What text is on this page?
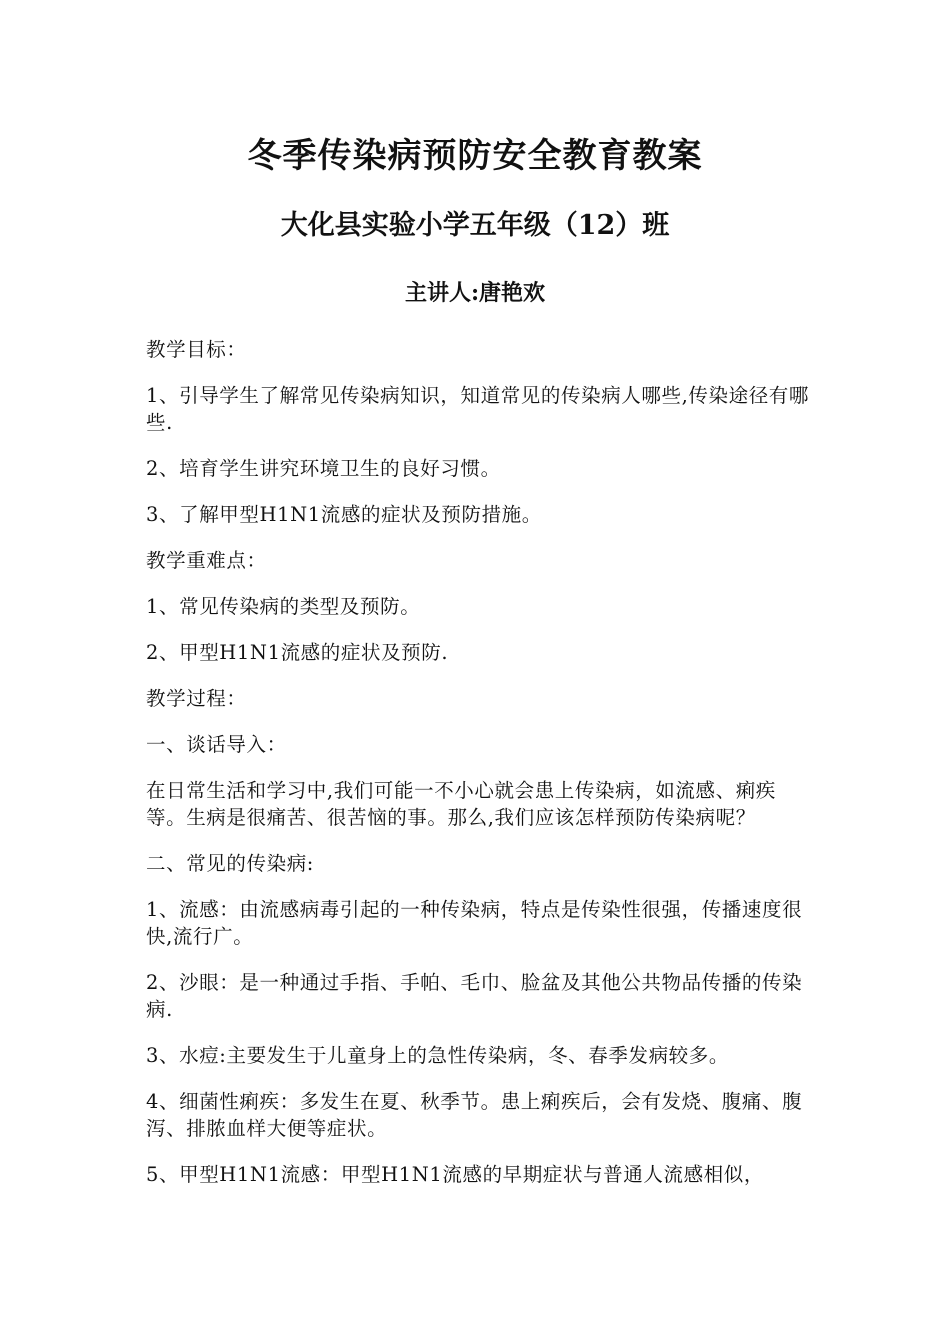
冬季传染病预防安全教育教案
大化县实验小学五年级（12）班
主讲人:唐艳欢

教学目标：

1、引导学生了解常见传染病知识，知道常见的传染病人哪些,传染途径有哪些.

2、培育学生讲究环境卫生的良好习惯。

3、了解甲型H1N1流感的症状及预防措施。

教学重难点：

1、常见传染病的类型及预防。

2、甲型H1N1流感的症状及预防.

教学过程：

一、谈话导入：

在日常生活和学习中,我们可能一不小心就会患上传染病，如流感、痢疾等。生病是很痛苦、很苦恼的事。那么,我们应该怎样预防传染病呢？

二、常见的传染病:

1、流感：由流感病毒引起的一种传染病，特点是传染性很强，传播速度很快,流行广。

2、沙眼：是一种通过手指、手帕、毛巾、脸盆及其他公共物品传播的传染病.

3、水痘:主要发生于儿童身上的急性传染病，冬、春季发病较多。

4、细菌性痢疾：多发生在夏、秋季节。患上痢疾后，会有发烧、腹痛、腹泻、排脓血样大便等症状。

5、甲型H1N1流感：甲型H1N1流感的早期症状与普通人流感相似，
